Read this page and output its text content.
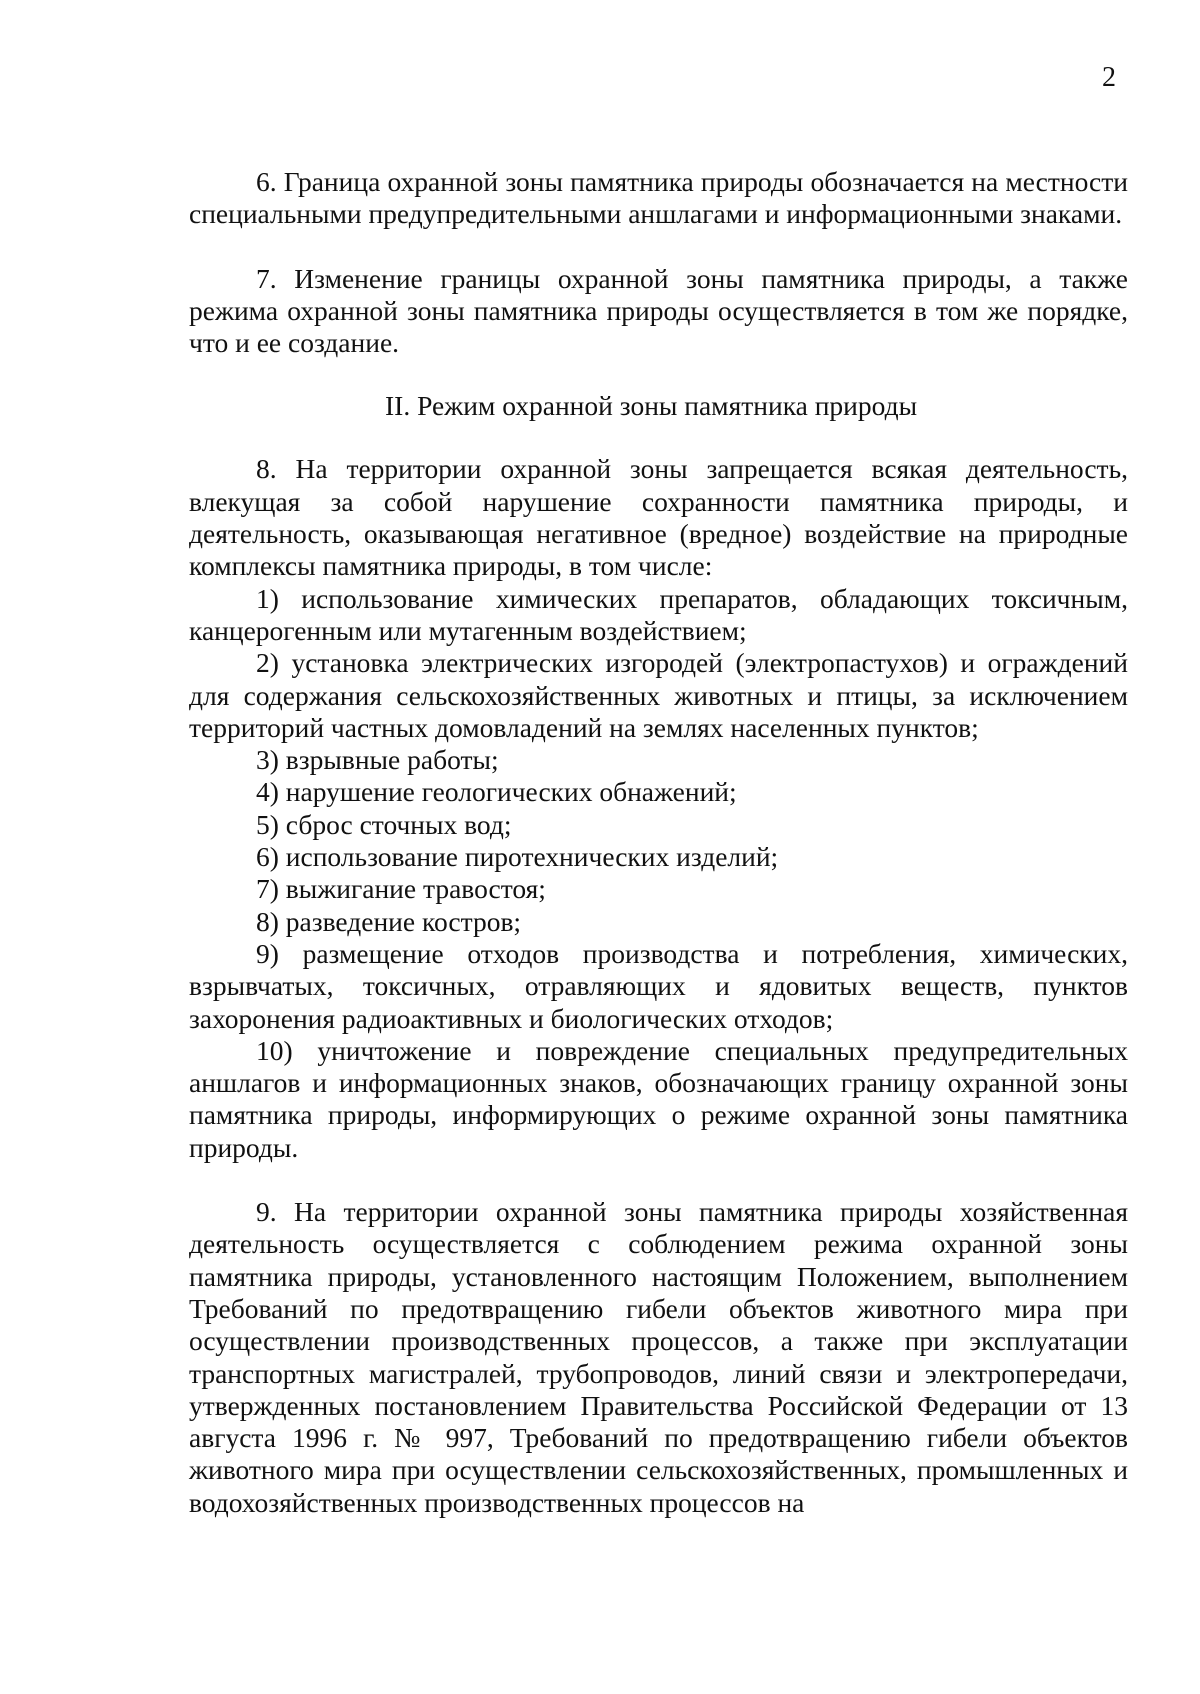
2

6. Граница охранной зоны памятника природы обозначается на местности специальными предупредительными аншлагами и информационными знаками.

7. Изменение границы охранной зоны памятника природы, а также режима охранной зоны памятника природы осуществляется в том же порядке, что и ее создание.

II. Режим охранной зоны памятника природы

8. На территории охранной зоны запрещается всякая деятельность, влекущая за собой нарушение сохранности памятника природы, и деятельность, оказывающая негативное (вредное) воздействие на природные комплексы памятника природы, в том числе:

1) использование химических препаратов, обладающих токсичным, канцерогенным или мутагенным воздействием;

2) установка электрических изгородей (электропастухов) и ограждений для содержания сельскохозяйственных животных и птицы, за исключением территорий частных домовладений на землях населенных пунктов;

3) взрывные работы;

4) нарушение геологических обнажений;

5) сброс сточных вод;

6) использование пиротехнических изделий;

7) выжигание травостоя;

8) разведение костров;

9) размещение отходов производства и потребления, химических, взрывчатых, токсичных, отравляющих и ядовитых веществ, пунктов захоронения радиоактивных и биологических отходов;

10) уничтожение и повреждение специальных предупредительных аншлагов и информационных знаков, обозначающих границу охранной зоны памятника природы, информирующих о режиме охранной зоны памятника природы.

9. На территории охранной зоны памятника природы хозяйственная деятельность осуществляется с соблюдением режима охранной зоны памятника природы, установленного настоящим Положением, выполнением Требований по предотвращению гибели объектов животного мира при осуществлении производственных процессов, а также при эксплуатации транспортных магистралей, трубопроводов, линий связи и электропередачи, утвержденных постановлением Правительства Российской Федерации от 13 августа 1996 г. № 997, Требований по предотвращению гибели объектов животного мира при осуществлении сельскохозяйственных, промышленных и водохозяйственных производственных процессов на
